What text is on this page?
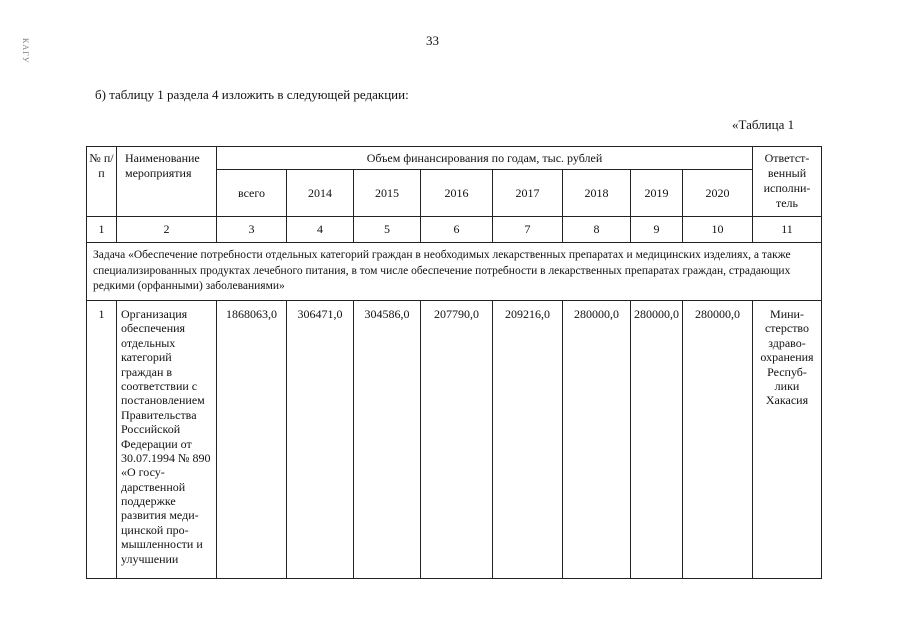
33
КАГУ
б) таблицу 1 раздела 4 изложить в следующей редакции:
«Таблица 1
№ п/п	Наименованиe мероприятия	Объем финансирования по годам, тыс. рублей								Ответст- венный исполни- тель
		всего	2014	2015	2016	2017	2018	2019	2020	
1	2	3	4	5	6	7	8	9	10	11
Задача «Обеспечение потребности отдельных категорий граждан в необходимых лекарственных препаратах и медицинских изделиях, а также специализированных продуктах лечебного питания, в том числе обеспечение потребности в лекарственных препаратах граждан, страдающих редкими (орфанными) заболеваниями»										
1	Организация обеспечения отдельных категорий граждан в соответствии с постановлением Правительства Российской Федерации от 30.07.1994 № 890 «О госу- дарственной поддержке развития меди- цинской про- мышленности и улучшении	1868063,0	306471,0	304586,0	207790,0	209216,0	280000,0	280000,0	280000,0	Мини- стерство здраво- охранения Респуб- лики Хакасия
